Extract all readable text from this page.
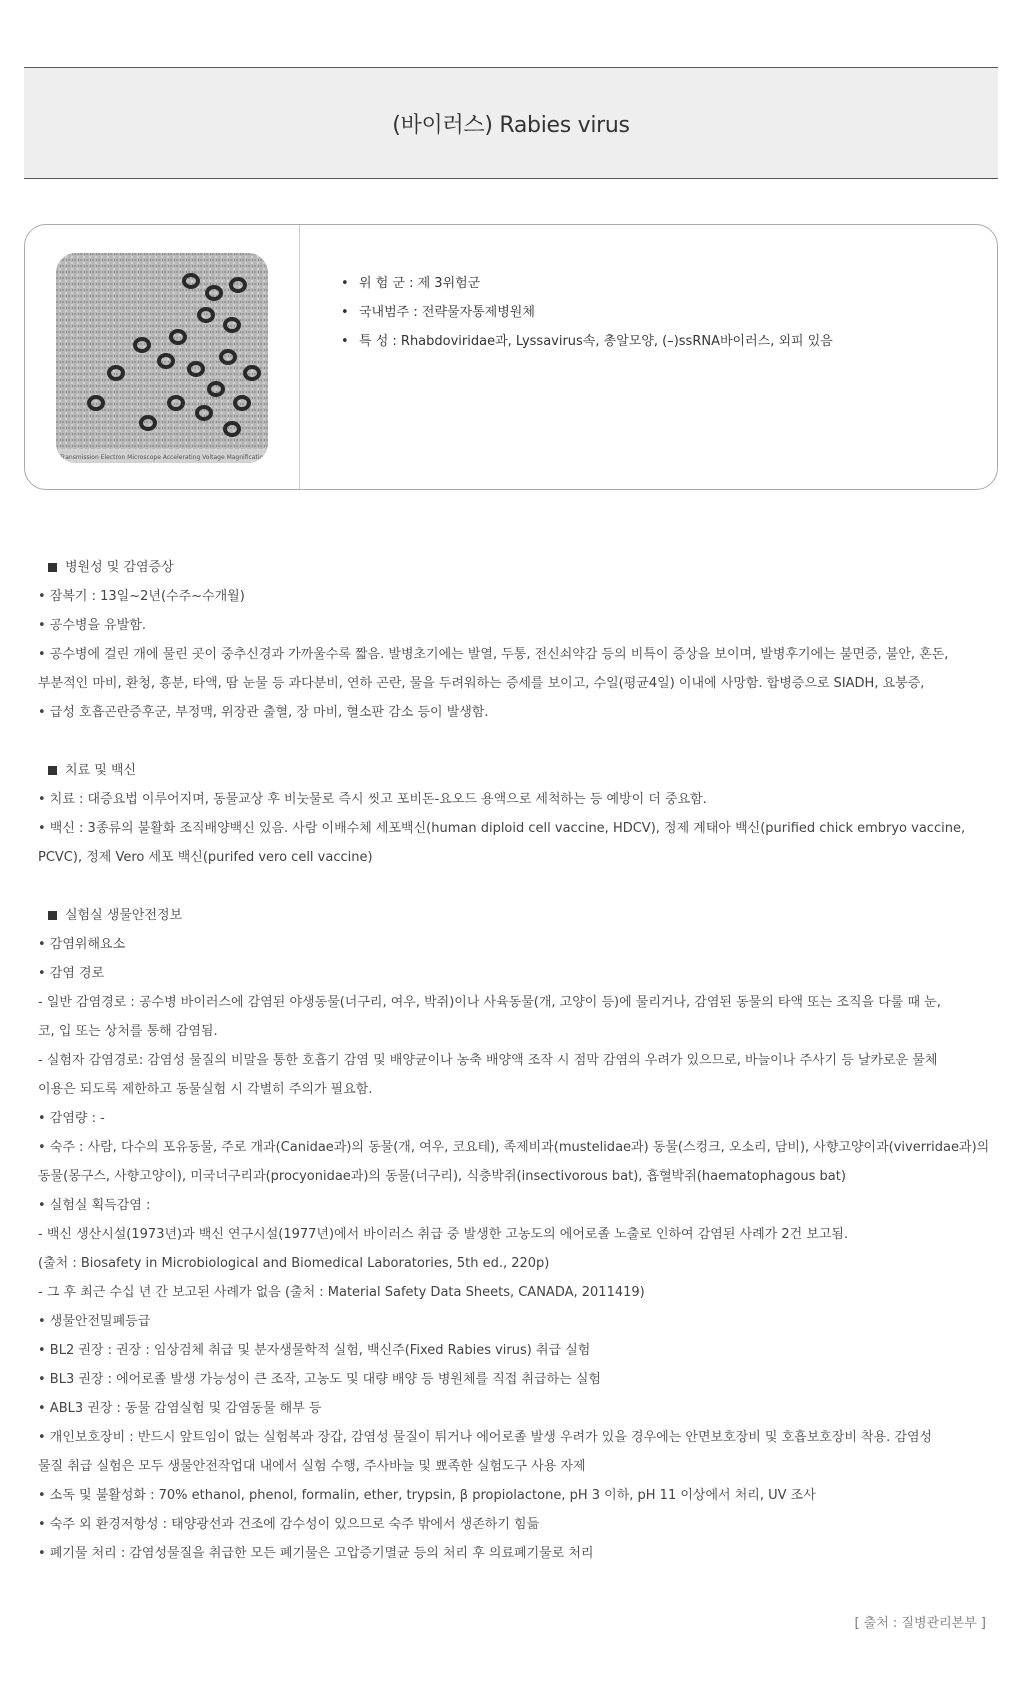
(바이러스) Rabies virus
Transmission Electron Microscope Accelerating Voltage Magnification
• 위 험 군 : 제 3위험군
• 국내범주 : 전략물자통제병원체
• 특 성 : Rhabdoviridae과, Lyssavirus속, 총알모양, (–)ssRNA바이러스, 외피 있음
병원성 및 감염증상
• 잠복기 : 13일~2년(수주~수개월)
• 공수병을 유발함.
• 공수병에 걸린 개에 물린 곳이 중추신경과 가까울수록 짧음. 발병초기에는 발열, 두통, 전신쇠약감 등의 비특이 증상을 보이며, 발병후기에는 불면증, 불안, 혼돈,
부분적인 마비, 환청, 흥분, 타액, 땀 눈물 등 과다분비, 연하 곤란, 물을 두려워하는 증세를 보이고, 수일(평균4일) 이내에 사망함. 합병증으로 SIADH, 요붕증,
• 급성 호흡곤란증후군, 부정맥, 위장관 출혈, 장 마비, 혈소판 감소 등이 발생함.
치료 및 백신
• 치료 : 대증요법 이루어지며, 동물교상 후 비눗물로 즉시 씻고 포비돈-요오드 용액으로 세척하는 등 예방이 더 중요함.
• 백신 : 3종류의 불활화 조직배양백신 있음. 사람 이배수체 세포백신(human diploid cell vaccine, HDCV), 정제 계태아 백신(purified chick embryo vaccine,
PCVC), 정제 Vero 세포 백신(purifed vero cell vaccine)
실험실 생물안전정보
• 감염위해요소
• 감염 경로
- 일반 감염경로 : 공수병 바이러스에 감염된 야생동물(너구리, 여우, 박쥐)이나 사육동물(개, 고양이 등)에 물리거나, 감염된 동물의 타액 또는 조직을 다룰 때 눈,
코, 입 또는 상처를 통해 감염됨.
- 실험자 감염경로: 감염성 물질의 비말을 통한 호흡기 감염 및 배양균이나 농축 배양액 조작 시 점막 감염의 우려가 있으므로, 바늘이나 주사기 등 날카로운 물체
이용은 되도록 제한하고 동물실험 시 각별히 주의가 필요함.
• 감염량 : -
• 숙주 : 사람, 다수의 포유동물, 주로 개과(Canidae과)의 동물(개, 여우, 코요테), 족제비과(mustelidae과) 동물(스컹크, 오소리, 담비), 사향고양이과(viverridae과)의
동물(몽구스, 사향고양이), 미국너구리과(procyonidae과)의 동물(너구리), 식충박쥐(insectivorous bat), 흡혈박쥐(haematophagous bat)
• 실험실 획득감염 :
- 백신 생산시설(1973년)과 백신 연구시설(1977년)에서 바이러스 취급 중 발생한 고농도의 에어로졸 노출로 인하여 감염된 사례가 2건 보고됨.
(출처 : Biosafety in Microbiological and Biomedical Laboratories, 5th ed., 220p)
- 그 후 최근 수십 년 간 보고된 사례가 없음 (출처 : Material Safety Data Sheets, CANADA, 2011419)
• 생물안전밀폐등급
• BL2 권장 : 권장 : 임상검체 취급 및 분자생물학적 실험, 백신주(Fixed Rabies virus) 취급 실험
• BL3 권장 : 에어로졸 발생 가능성이 큰 조작, 고농도 및 대량 배양 등 병원체를 직접 취급하는 실험
• ABL3 권장 : 동물 감염실험 및 감염동물 해부 등
• 개인보호장비 : 반드시 앞트임이 없는 실험복과 장갑, 감염성 물질이 튀거나 에어로졸 발생 우려가 있을 경우에는 안면보호장비 및 호흡보호장비 착용. 감염성
물질 취급 실험은 모두 생물안전작업대 내에서 실험 수행, 주사바늘 및 뾰족한 실험도구 사용 자제
• 소독 및 불활성화 : 70% ethanol, phenol, formalin, ether, trypsin, β propiolactone, pH 3 이하, pH 11 이상에서 처리, UV 조사
• 숙주 외 환경저항성 : 태양광선과 건조에 감수성이 있으므로 숙주 밖에서 생존하기 힘듦
• 폐기물 처리 : 감염성물질을 취급한 모든 폐기물은 고압증기멸균 등의 처리 후 의료폐기물로 처리
[ 출처 : 질병관리본부 ]
